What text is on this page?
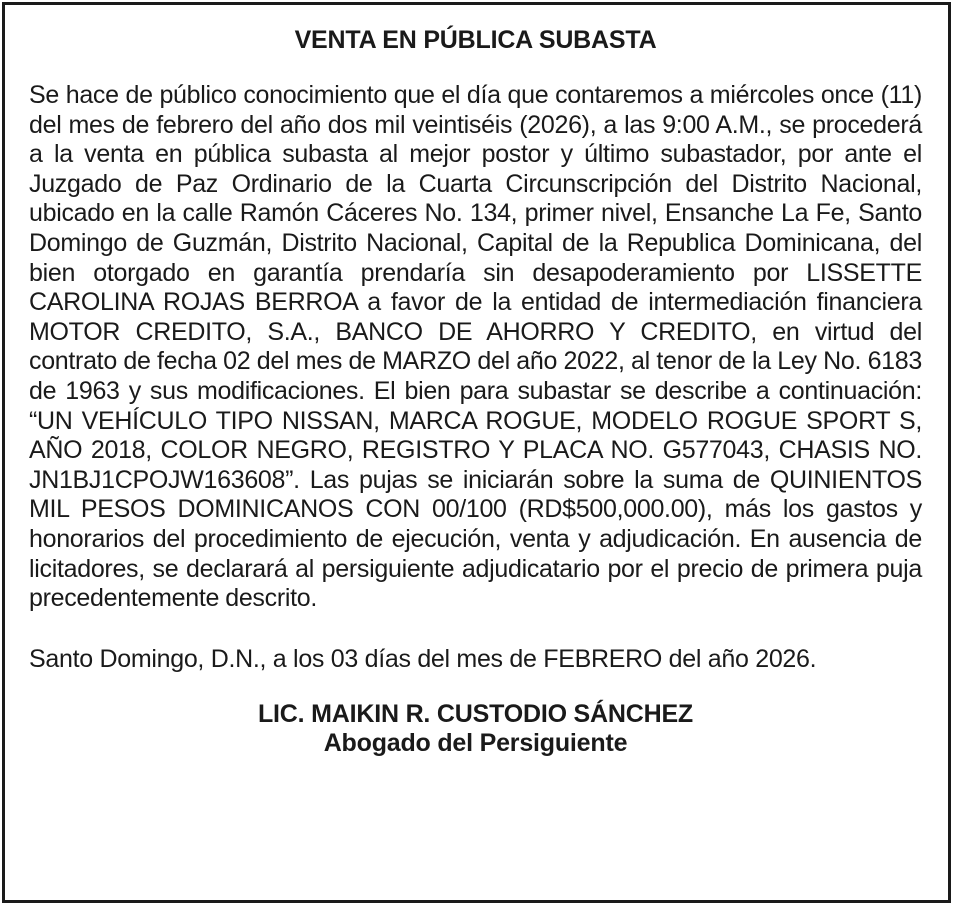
VENTA EN PÚBLICA SUBASTA

Se hace de público conocimiento que el día que contaremos a miércoles once (11) del mes de febrero del año dos mil veintiséis (2026), a las 9:00 A.M., se procederá a la venta en pública subasta al mejor postor y último subastador, por ante el Juzgado de Paz Ordinario de la Cuarta Circunscripción del Distrito Nacional, ubicado en la calle Ramón Cáceres No. 134, primer nivel, Ensanche La Fe, Santo Domingo de Guzmán, Distrito Nacional, Capital de la Republica Dominicana, del bien otorgado en garantía prendaría sin desapoderamiento por LISSETTE CAROLINA ROJAS BERROA a favor de la entidad de intermediación financiera MOTOR CREDITO, S.A., BANCO DE AHORRO Y CREDITO, en virtud del contrato de fecha 02 del mes de MARZO del año 2022, al tenor de la Ley No. 6183 de 1963 y sus modificaciones. El bien para subastar se describe a continuación: “UN VEHÍCULO TIPO NISSAN, MARCA ROGUE, MODELO ROGUE SPORT S, AÑO 2018, COLOR NEGRO, REGISTRO Y PLACA NO. G577043, CHASIS NO. JN1BJ1CPOJW163608”. Las pujas se iniciarán sobre la suma de QUINIENTOS MIL PESOS DOMINICANOS CON 00/100 (RD$500,000.00), más los gastos y honorarios del procedimiento de ejecución, venta y adjudicación. En ausencia de licitadores, se declarará al persiguiente adjudicatario por el precio de primera puja precedentemente descrito.

Santo Domingo, D.N., a los 03 días del mes de FEBRERO del año 2026.

LIC. MAIKIN R. CUSTODIO SÁNCHEZ
Abogado del Persiguiente
